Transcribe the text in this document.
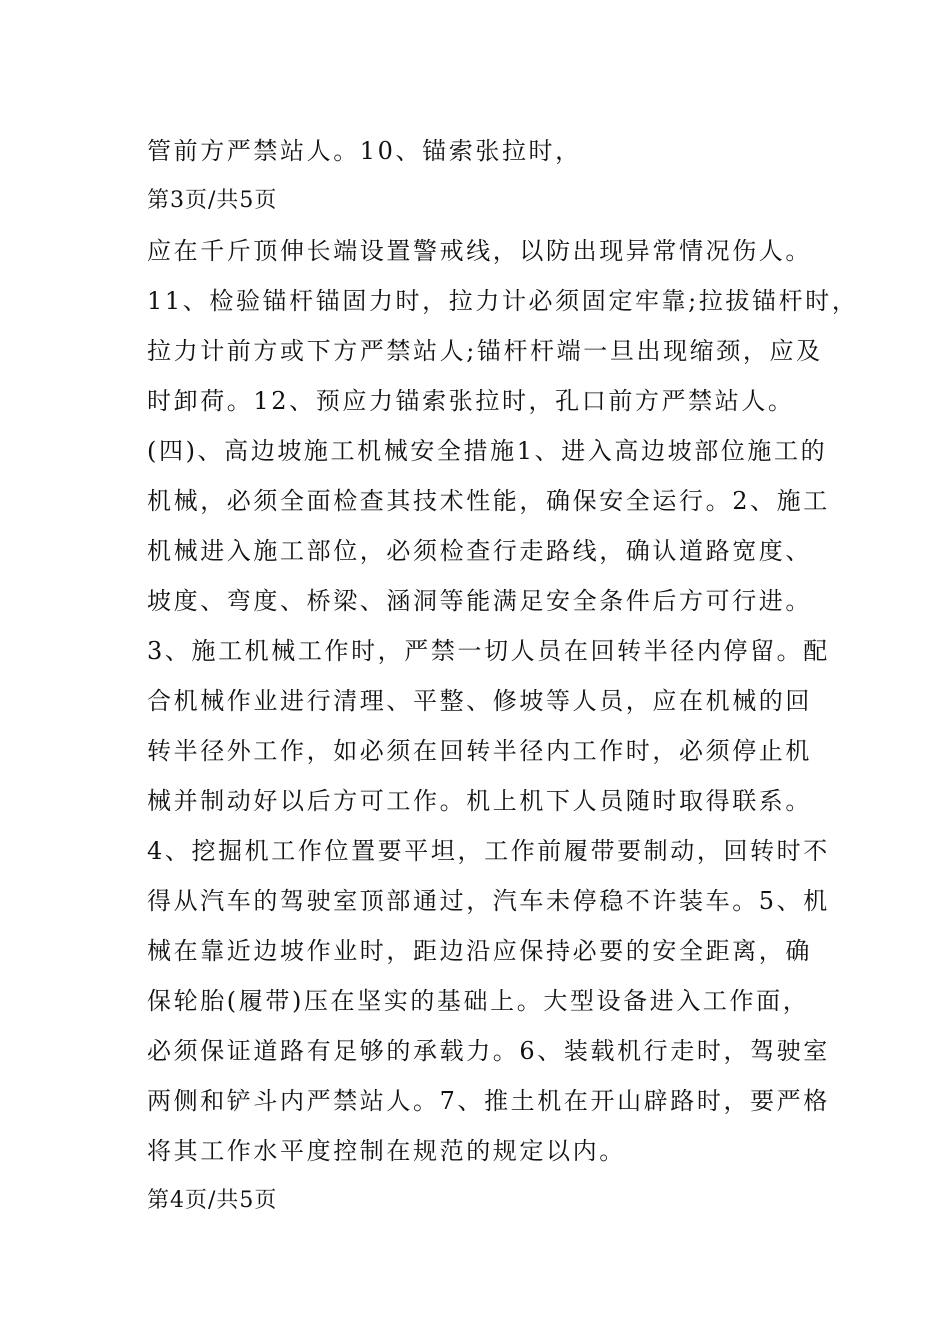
管前方严禁站人。10、锚索张拉时，
第3页/共5页
应在千斤顶伸长端设置警戒线，以防出现异常情况伤人。
11、检验锚杆锚固力时，拉力计必须固定牢靠;拉拔锚杆时，
拉力计前方或下方严禁站人;锚杆杆端一旦出现缩颈，应及
时卸荷。12、预应力锚索张拉时，孔口前方严禁站人。
(四)、高边坡施工机械安全措施1、进入高边坡部位施工的
机械，必须全面检查其技术性能，确保安全运行。2、施工
机械进入施工部位，必须检查行走路线，确认道路宽度、
坡度、弯度、桥梁、涵洞等能满足安全条件后方可行进。
3、施工机械工作时，严禁一切人员在回转半径内停留。配
合机械作业进行清理、平整、修坡等人员，应在机械的回
转半径外工作，如必须在回转半径内工作时，必须停止机
械并制动好以后方可工作。机上机下人员随时取得联系。
4、挖掘机工作位置要平坦，工作前履带要制动，回转时不
得从汽车的驾驶室顶部通过，汽车未停稳不许装车。5、机
械在靠近边坡作业时，距边沿应保持必要的安全距离，确
保轮胎(履带)压在坚实的基础上。大型设备进入工作面，
必须保证道路有足够的承载力。6、装载机行走时，驾驶室
两侧和铲斗内严禁站人。7、推土机在开山辟路时，要严格
将其工作水平度控制在规范的规定以内。
第4页/共5页
